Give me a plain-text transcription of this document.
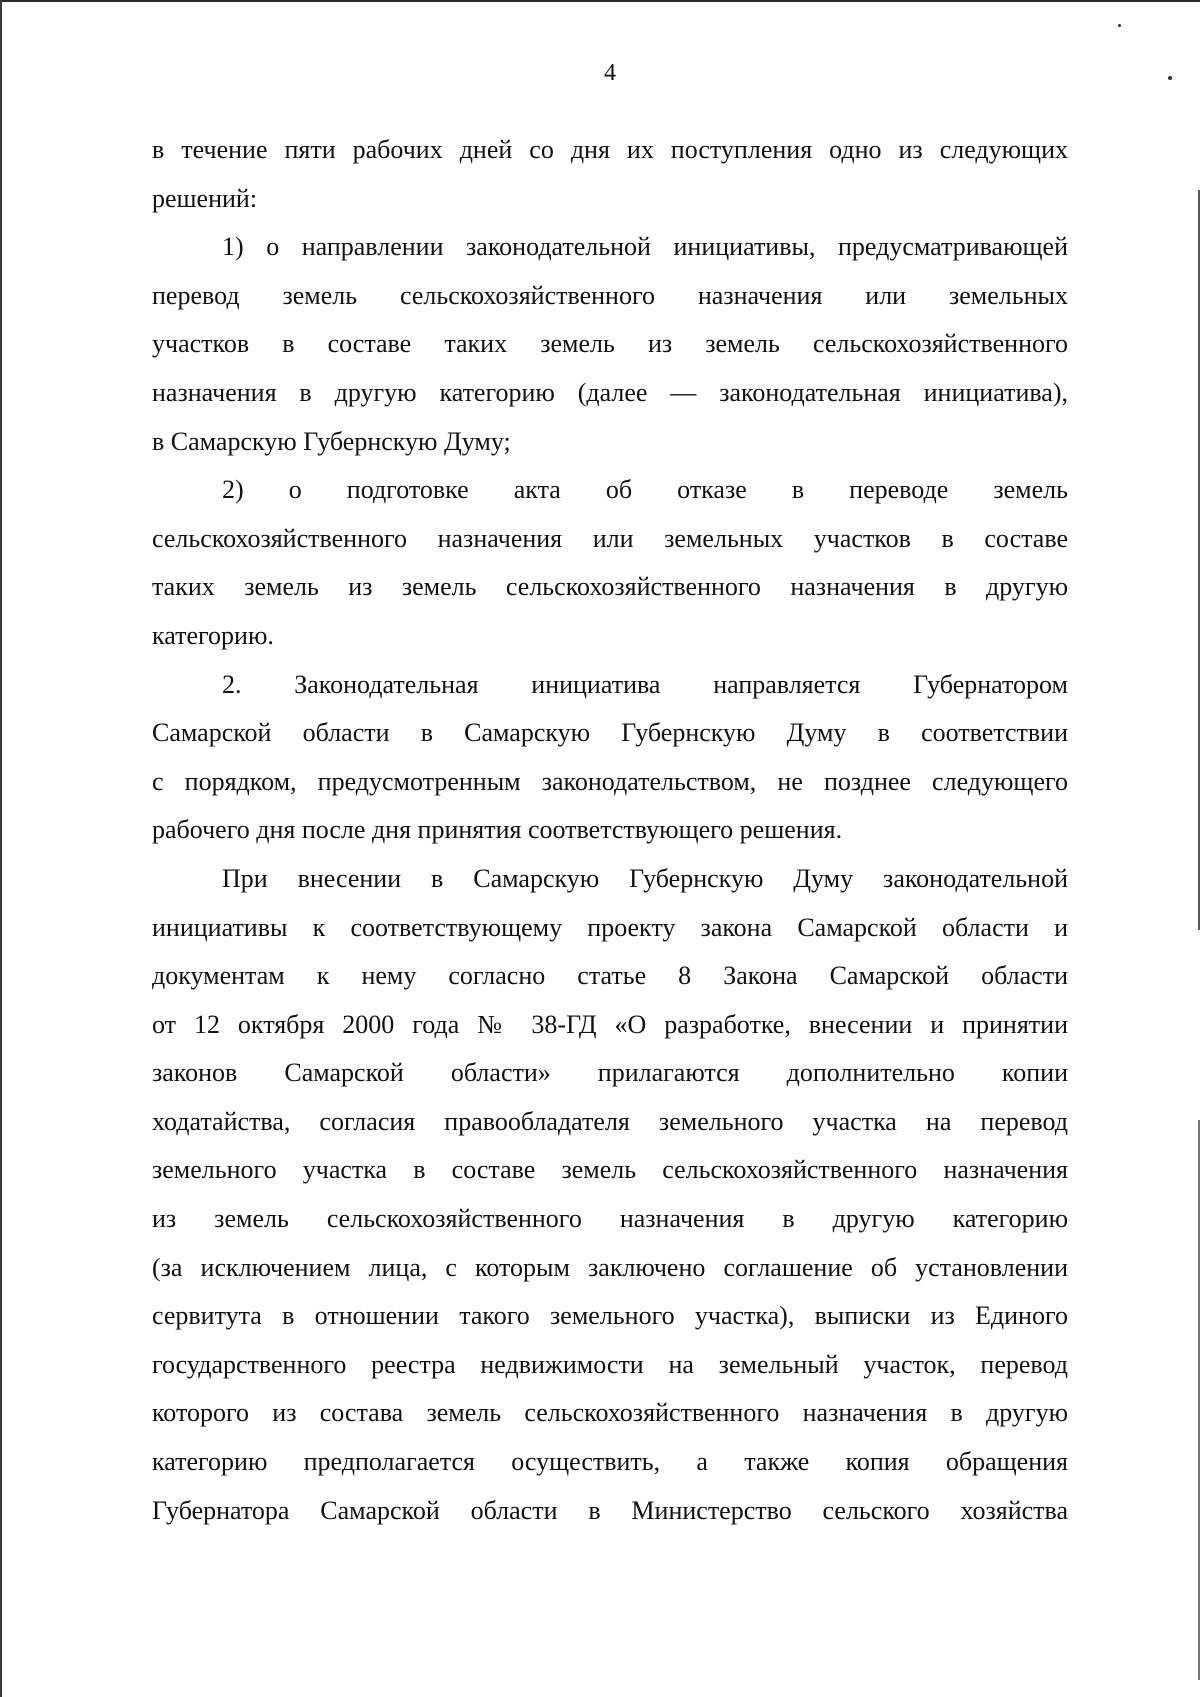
4
в течение пяти рабочих дней со дня их поступления одно из следующих
решений:
1) о направлении законодательной инициативы, предусматривающей
перевод земель сельскохозяйственного назначения или земельных
участков в составе таких земель из земель сельскохозяйственного
назначения в другую категорию (далее — законодательная инициатива),
в Самарскую Губернскую Думу;
2) о подготовке акта об отказе в переводе земель
сельскохозяйственного назначения или земельных участков в составе
таких земель из земель сельскохозяйственного назначения в другую
категорию.
2. Законодательная инициатива направляется Губернатором
Самарской области в Самарскую Губернскую Думу в соответствии
с порядком, предусмотренным законодательством, не позднее следующего
рабочего дня после дня принятия соответствующего решения.
При внесении в Самарскую Губернскую Думу законодательной
инициативы к соответствующему проекту закона Самарской области и
документам к нему согласно статье 8 Закона Самарской области
от 12 октября 2000 года № 38-ГД «О разработке, внесении и принятии
законов Самарской области» прилагаются дополнительно копии
ходатайства, согласия правообладателя земельного участка на перевод
земельного участка в составе земель сельскохозяйственного назначения
из земель сельскохозяйственного назначения в другую категорию
(за исключением лица, с которым заключено соглашение об установлении
сервитута в отношении такого земельного участка), выписки из Единого
государственного реестра недвижимости на земельный участок, перевод
которого из состава земель сельскохозяйственного назначения в другую
категорию предполагается осуществить, а также копия обращения
Губернатора Самарской области в Министерство сельского хозяйства
